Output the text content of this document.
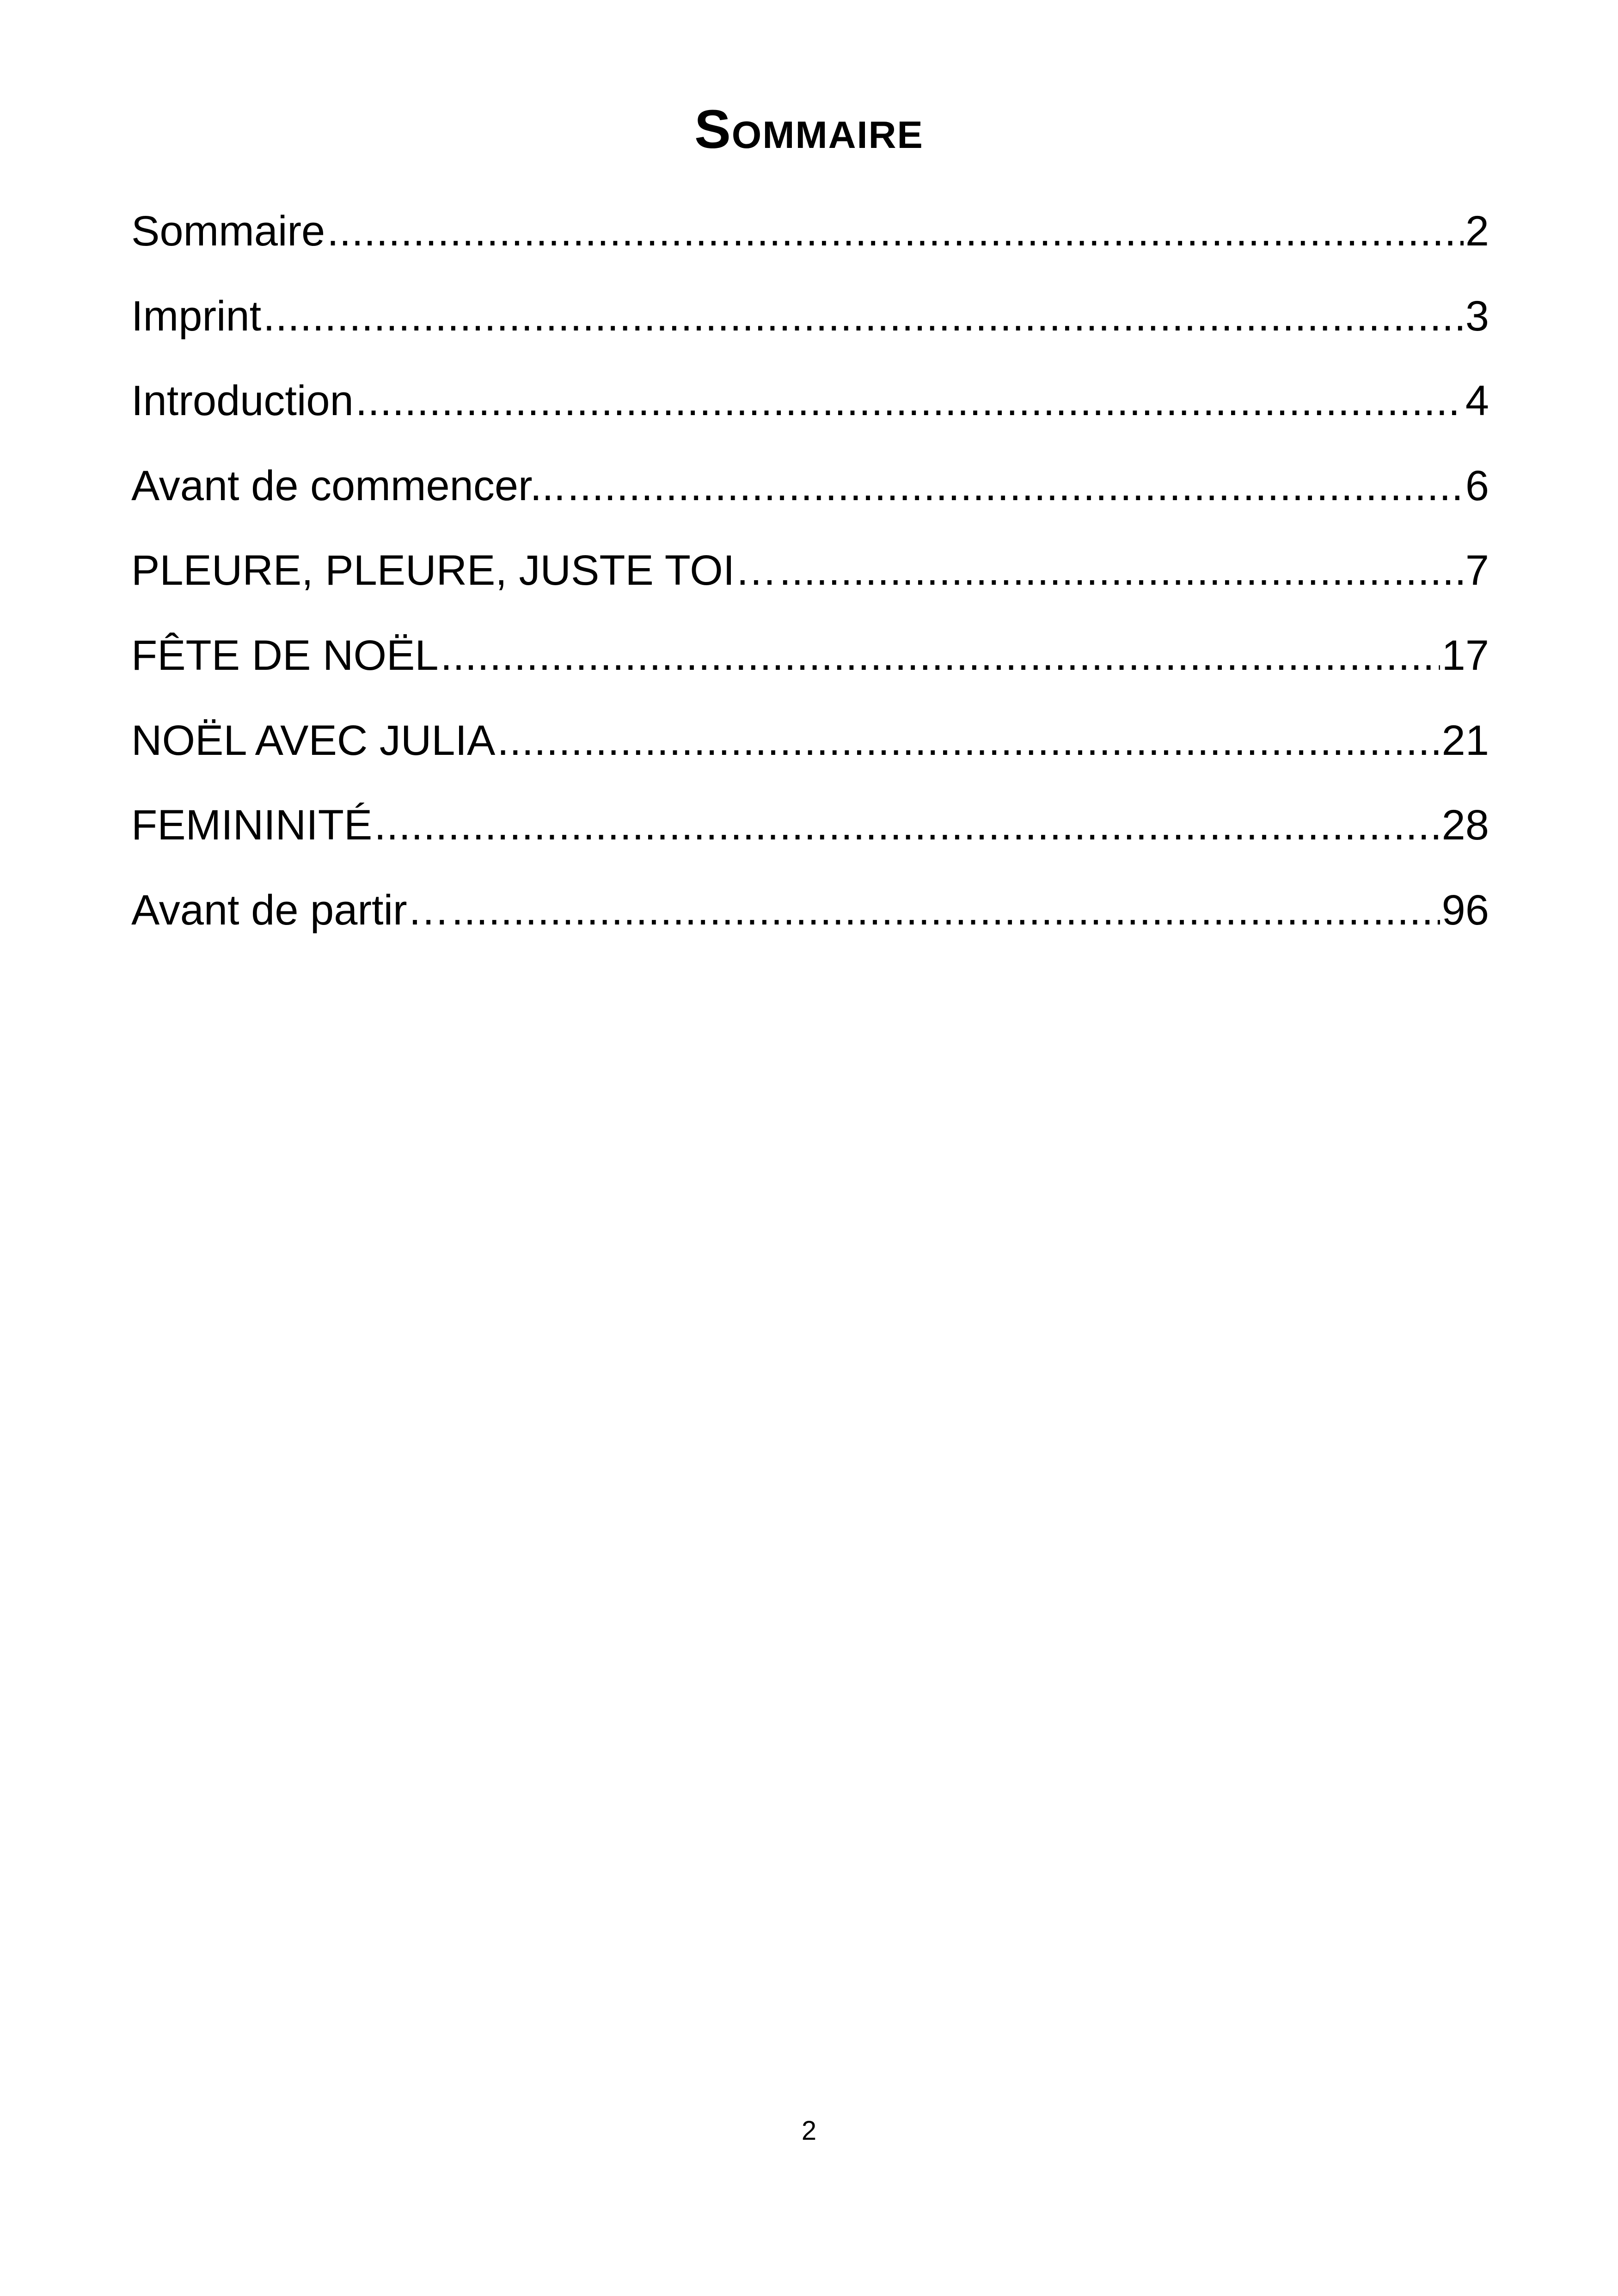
Sommaire
Sommaire .....	2
Imprint .....	3
Introduction .....	4
Avant de commencer... .....	6
PLEURE, PLEURE, JUSTE TOI… .....	7
FÊTE DE NOËL .....	17
NOËL AVEC JULIA .....	21
FEMININITÉ .....	28
Avant de partir… .....	96
2
